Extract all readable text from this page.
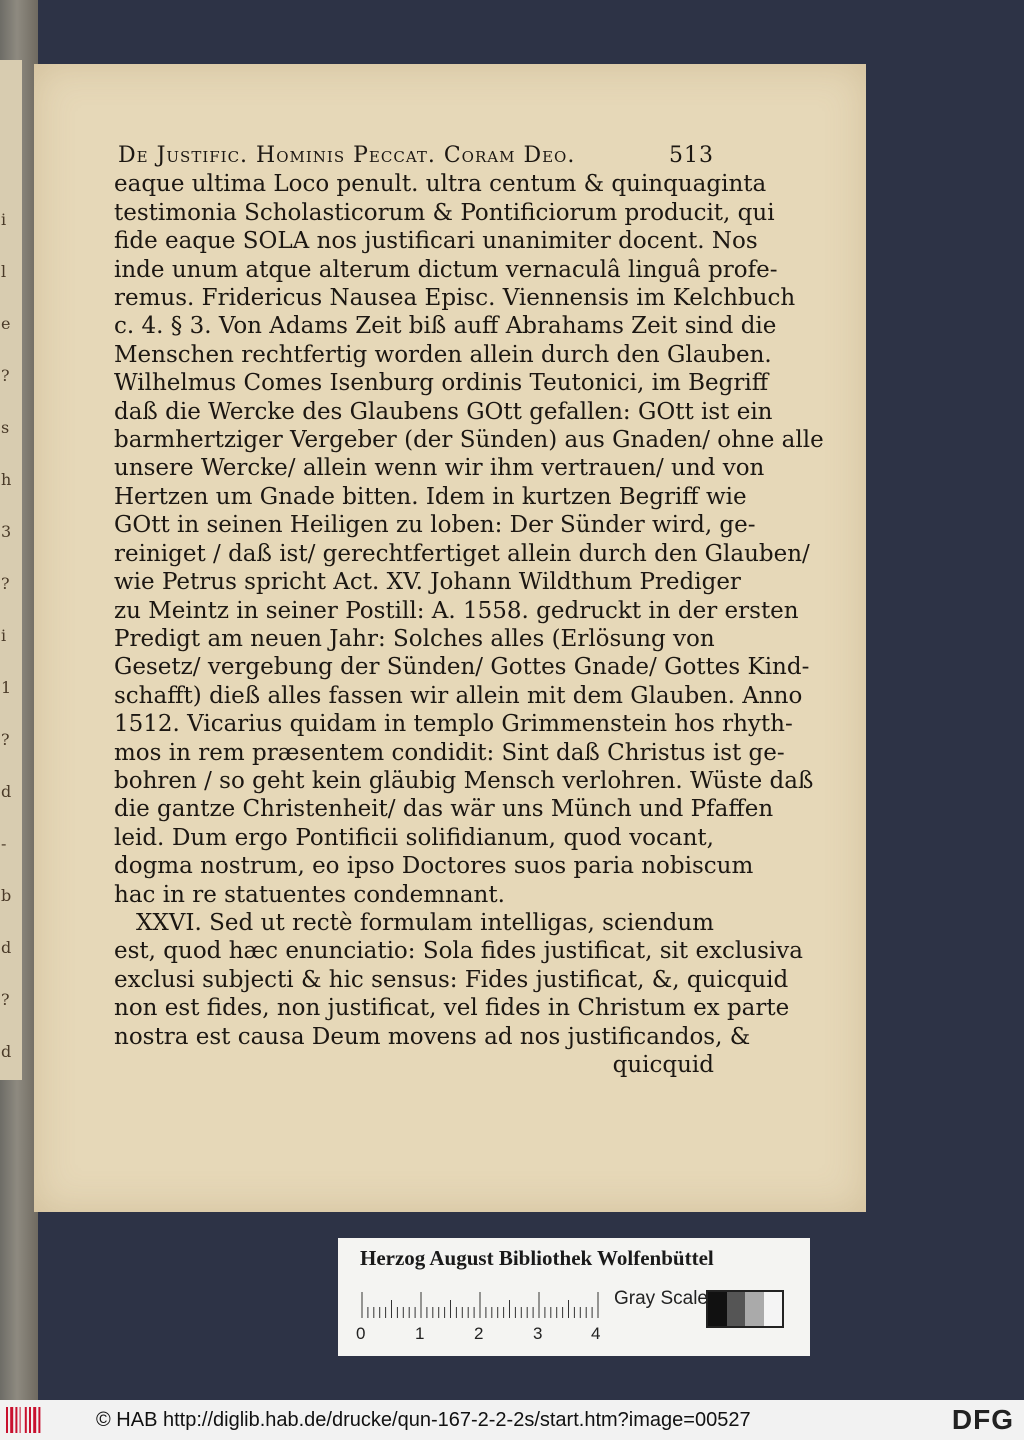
i
l
e
?
s
h
3
?
i
1
?
d
-
b
d
?
d
De Justific. Hominis Peccat. Coram Deo.	513
eaque ultima Loco penult. ultra centum & quinquaginta
testimonia Scholasticorum & Pontificiorum producit, qui
fide eaque SOLA nos justificari unanimiter docent. Nos
inde unum atque alterum dictum vernaculâ linguâ profe-
remus. Fridericus Nausea Episc. Viennensis im Kelchbuch
c. 4. § 3. Von Adams Zeit biß auff Abrahams Zeit sind die
Menschen rechtfertig worden allein durch den Glauben.
Wilhelmus Comes Isenburg ordinis Teutonici, im Begriff
daß die Wercke des Glaubens GOtt gefallen: GOtt ist ein
barmhertziger Vergeber (der Sünden) aus Gnaden/ ohne alle
unsere Wercke/ allein wenn wir ihm vertrauen/ und von
Hertzen um Gnade bitten. Idem in kurtzen Begriff wie
GOtt in seinen Heiligen zu loben: Der Sünder wird, ge-
reiniget / daß ist/ gerechtfertiget allein durch den Glauben/
wie Petrus spricht Act. XV. Johann Wildthum Prediger
zu Meintz in seiner Postill: A. 1558. gedruckt in der ersten
Predigt am neuen Jahr: Solches alles (Erlösung von
Gesetz/ vergebung der Sünden/ Gottes Gnade/ Gottes Kind-
schafft) dieß alles fassen wir allein mit dem Glauben. Anno
1512. Vicarius quidam in templo Grimmenstein hos rhyth-
mos in rem præsentem condidit: Sint daß Christus ist ge-
bohren / so geht kein gläubig Mensch verlohren. Wüste daß
die gantze Christenheit/ das wär uns Münch und Pfaffen
leid. Dum ergo Pontificii solifidianum, quod vocant,
dogma nostrum, eo ipso Doctores suos paria nobiscum
hac in re statuentes condemnant.
XXVI. Sed ut rectè formulam intelligas, sciendum
est, quod hæc enunciatio: Sola fides justificat, sit exclusiva
exclusi subjecti & hic sensus: Fides justificat, &, quicquid
non est fides, non justificat, vel fides in Christum ex parte
nostra est causa Deum movens ad nos justificandos, &
quicquid
Herzog August Bibliothek Wolfenbüttel
0	1	2	3	4
Gray Scale
© HAB http://diglib.hab.de/drucke/qun-167-2-2-2s/start.htm?image=00527	DFG
